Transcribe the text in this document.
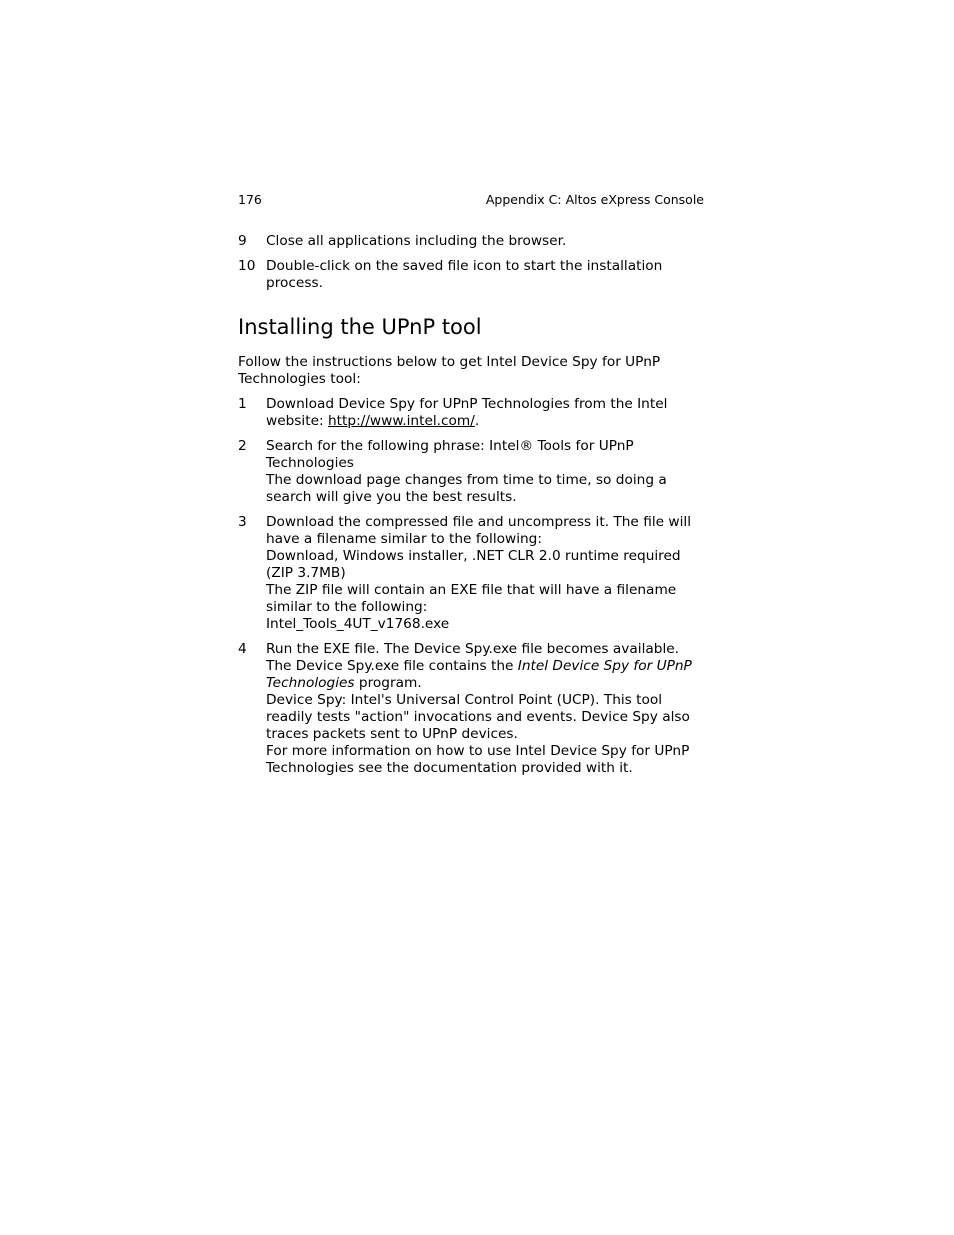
176	Appendix C: Altos eXpress Console
9 Close all applications including the browser.

10 Double-click on the saved file icon to start the installation process.

Installing the UPnP tool

Follow the instructions below to get Intel Device Spy for UPnP Technologies tool:

1 Download Device Spy for UPnP Technologies from the Intel website: http://www.intel.com/.

2 Search for the following phrase: Intel® Tools for UPnP Technologies

The download page changes from time to time, so doing a search will give you the best results.

3 Download the compressed file and uncompress it. The file will have a filename similar to the following:

Download, Windows installer, .NET CLR 2.0 runtime required (ZIP 3.7MB)

The ZIP file will contain an EXE file that will have a filename similar to the following:

Intel_Tools_4UT_v1768.exe

4 Run the EXE file. The Device Spy.exe file becomes available. The Device Spy.exe file contains the Intel Device Spy for UPnP Technologies program.

Device Spy: Intel's Universal Control Point (UCP). This tool readily tests "action" invocations and events. Device Spy also traces packets sent to UPnP devices.

For more information on how to use Intel Device Spy for UPnP Technologies see the documentation provided with it.
